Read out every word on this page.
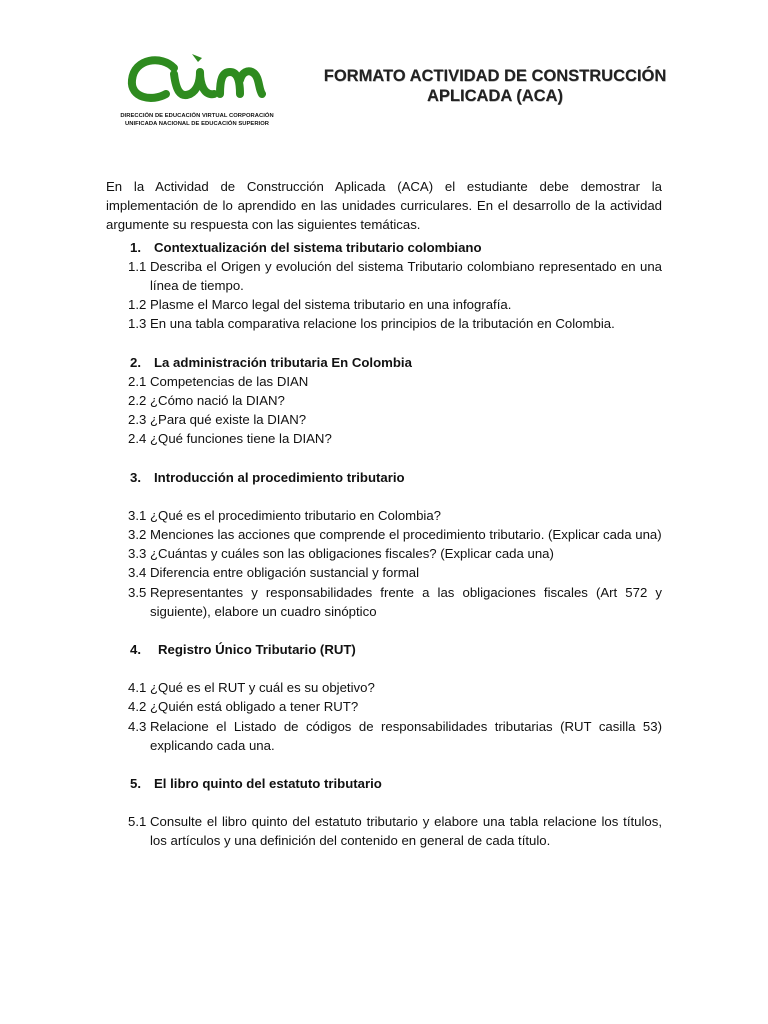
cun
DIRECCIÓN DE EDUCACIÓN VIRTUAL CORPORACIÓN
UNIFICADA NACIONAL DE EDUCACIÓN SUPERIOR
FORMATO ACTIVIDAD DE CONSTRUCCIÓN
APLICADA (ACA)

En la Actividad de Construcción Aplicada (ACA) el estudiante debe demostrar la implementación de lo aprendido en las unidades curriculares. En el desarrollo de la actividad argumente su respuesta con las siguientes temáticas.

1. Contextualización del sistema tributario colombiano
1.1 Describa el Origen y evolución del sistema Tributario colombiano representado en una línea de tiempo.
1.2 Plasme el Marco legal del sistema tributario en una infografía.
1.3 En una tabla comparativa relacione los principios de la tributación en Colombia.
2. La administración tributaria En Colombia
2.1 Competencias de las DIAN
2.2 ¿Cómo nació la DIAN?
2.3 ¿Para qué existe la DIAN?
2.4 ¿Qué funciones tiene la DIAN?
3. Introducción al procedimiento tributario
3.1 ¿Qué es el procedimiento tributario en Colombia?
3.2 Menciones las acciones que comprende el procedimiento tributario. (Explicar cada una)
3.3 ¿Cuántas y cuáles son las obligaciones fiscales? (Explicar cada una)
3.4 Diferencia entre obligación sustancial y formal
3.5 Representantes y responsabilidades frente a las obligaciones fiscales (Art 572 y siguiente), elabore un cuadro sinóptico
4. Registro Único Tributario (RUT)
4.1 ¿Qué es el RUT y cuál es su objetivo?
4.2 ¿Quién está obligado a tener RUT?
4.3 Relacione el Listado de códigos de responsabilidades tributarias (RUT casilla 53) explicando cada una.
5. El libro quinto del estatuto tributario
5.1 Consulte el libro quinto del estatuto tributario y elabore una tabla relacione los títulos, los artículos y una definición del contenido en general de cada título.
